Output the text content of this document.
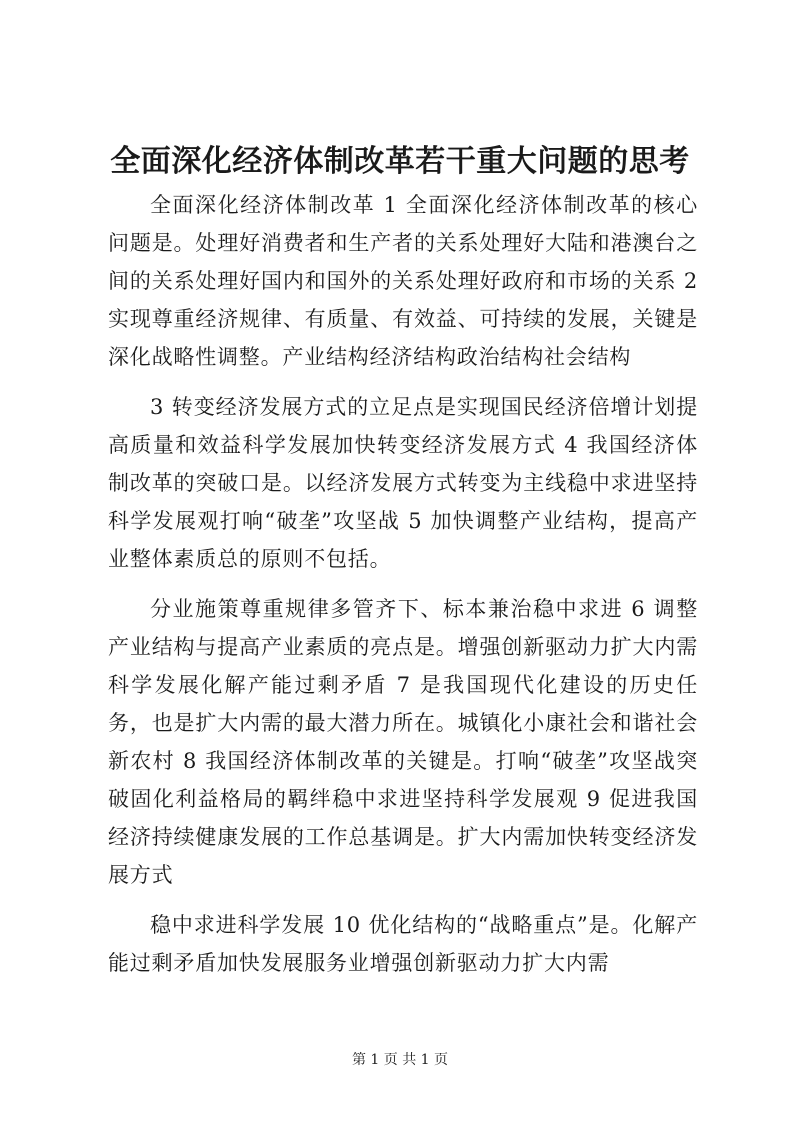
全面深化经济体制改革若干重大问题的思考

全面深化经济体制改革 1 全面深化经济体制改革的核心问题是。处理好消费者和生产者的关系处理好大陆和港澳台之间的关系处理好国内和国外的关系处理好政府和市场的关系 2 实现尊重经济规律、有质量、有效益、可持续的发展，关键是深化战略性调整。产业结构经济结构政治结构社会结构

3 转变经济发展方式的立足点是实现国民经济倍增计划提高质量和效益科学发展加快转变经济发展方式 4 我国经济体制改革的突破口是。以经济发展方式转变为主线稳中求进坚持科学发展观打响“破垄”攻坚战 5 加快调整产业结构，提高产业整体素质总的原则不包括。

分业施策尊重规律多管齐下、标本兼治稳中求进 6 调整产业结构与提高产业素质的亮点是。增强创新驱动力扩大内需科学发展化解产能过剩矛盾 7 是我国现代化建设的历史任务，也是扩大内需的最大潜力所在。城镇化小康社会和谐社会新农村 8 我国经济体制改革的关键是。打响“破垄”攻坚战突破固化利益格局的羁绊稳中求进坚持科学发展观 9 促进我国经济持续健康发展的工作总基调是。扩大内需加快转变经济发展方式

稳中求进科学发展 10 优化结构的“战略重点”是。化解产能过剩矛盾加快发展服务业增强创新驱动力扩大内需

第 1 页 共 1 页
